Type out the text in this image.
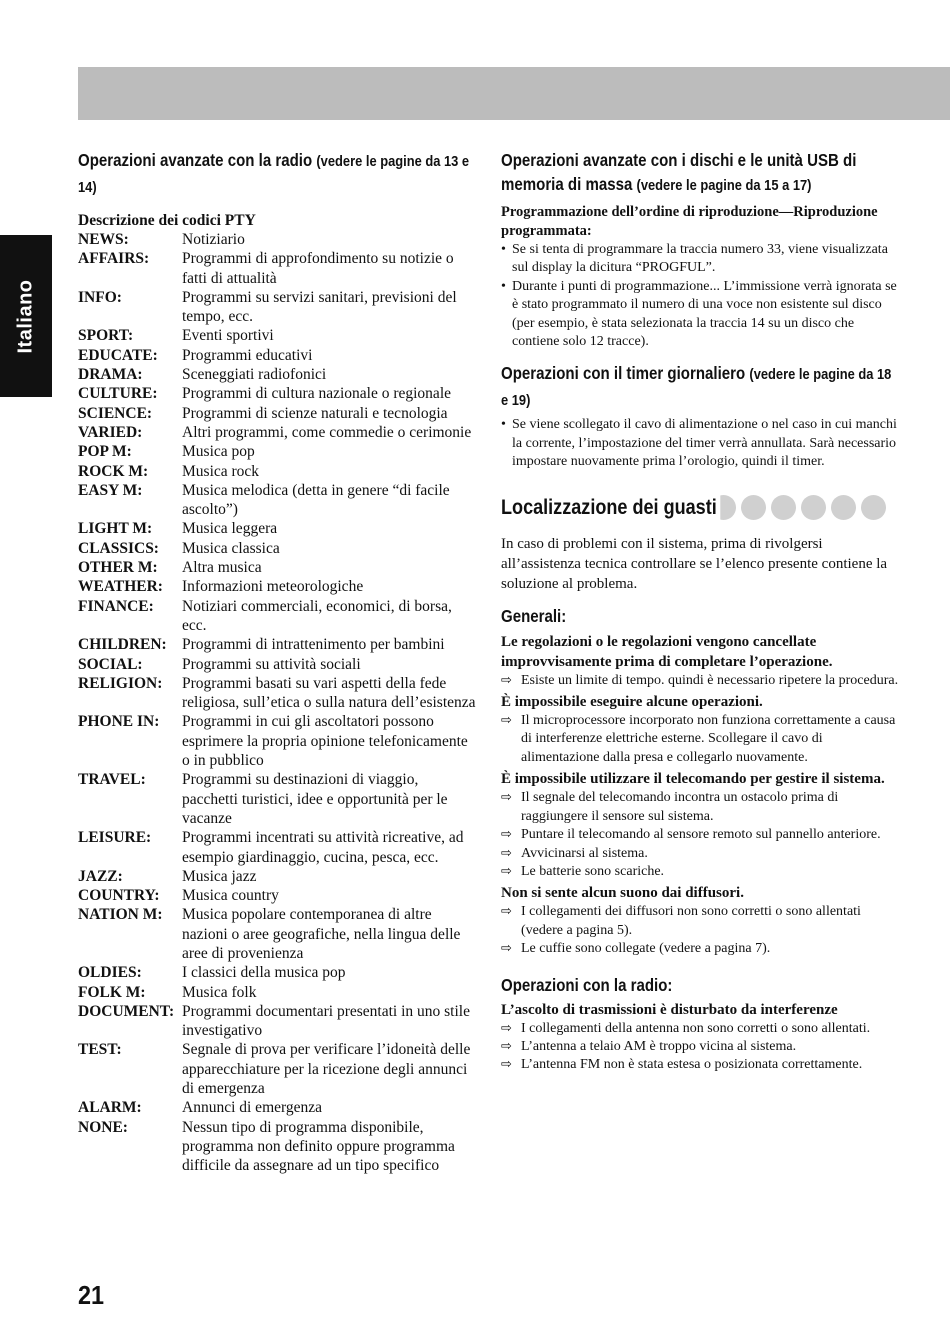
Italiano
Operazioni avanzate con la radio (vedere le pagine da 13 e 14)
Descrizione dei codici PTY
NEWS:	Notiziario
AFFAIRS:	Programmi di approfondimento su notizie o fatti di attualità
INFO:	Programmi su servizi sanitari, previsioni del tempo, ecc.
SPORT:	Eventi sportivi
EDUCATE:	Programmi educativi
DRAMA:	Sceneggiati radiofonici
CULTURE:	Programmi di cultura nazionale o regionale
SCIENCE:	Programmi di scienze naturali e tecnologia
VARIED:	Altri programmi, come commedie o cerimonie
POP M:	Musica pop
ROCK M:	Musica rock
EASY M:	Musica melodica (detta in genere “di facile ascolto”)
LIGHT M:	Musica leggera
CLASSICS:	Musica classica
OTHER M:	Altra musica
WEATHER:	Informazioni meteorologiche
FINANCE:	Notiziari commerciali, economici, di borsa, ecc.
CHILDREN: Programmi di intrattenimento per bambini
SOCIAL:	Programmi su attività sociali
RELIGION:	Programmi basati su vari aspetti della fede religiosa, sull’etica o sulla natura dell’esistenza
PHONE IN:	Programmi in cui gli ascoltatori possono esprimere la propria opinione telefonicamente o in pubblico
TRAVEL:	Programmi su destinazioni di viaggio, pacchetti turistici, idee e opportunità per le vacanze
LEISURE:	Programmi incentrati su attività ricreative, ad esempio giardinaggio, cucina, pesca, ecc.
JAZZ:	Musica jazz
COUNTRY:	Musica country
NATION M:	Musica popolare contemporanea di altre nazioni o aree geografiche, nella lingua delle aree di provenienza
OLDIES:	I classici della musica pop
FOLK M:	Musica folk
DOCUMENT: Programmi documentari presentati in uno stile investigativo
TEST:	Segnale di prova per verificare l’idoneità delle apparecchiature per la ricezione degli annunci di emergenza
ALARM:	Annunci di emergenza
NONE:	Nessun tipo di programma disponibile, programma non definito oppure programma difficile da assegnare ad un tipo specifico
Operazioni avanzate con i dischi e le unità USB di memoria di massa (vedere le pagine da 15 a 17)
Programmazione dell’ordine di riproduzione—Riproduzione programmata:
• Se si tenta di programmare la traccia numero 33, viene visualizzata sul display la dicitura “PROGFUL”.
• Durante i punti di programmazione... L’immissione verrà ignorata se è stato programmato il numero di una voce non esistente sul disco (per esempio, è stata selezionata la traccia 14 su un disco che contiene solo 12 tracce).
Operazioni con il timer giornaliero (vedere le pagine da 18 e 19)
• Se viene scollegato il cavo di alimentazione o nel caso in cui manchi la corrente, l’impostazione del timer verrà annullata. Sarà necessario impostare nuovamente prima l’orologio, quindi il timer.
Localizzazione dei guasti
In caso di problemi con il sistema, prima di rivolgersi all’assistenza tecnica controllare se l’elenco presente contiene la soluzione al problema.
Generali:
Le regolazioni o le regolazioni vengono cancellate improvvisamente prima di completare l’operazione.
⇨ Esiste un limite di tempo. quindi è necessario ripetere la procedura.
È impossibile eseguire alcune operazioni.
⇨ Il microprocessore incorporato non funziona correttamente a causa di interferenze elettriche esterne. Scollegare il cavo di alimentazione dalla presa e collegarlo nuovamente.
È impossibile utilizzare il telecomando per gestire il sistema.
⇨ Il segnale del telecomando incontra un ostacolo prima di raggiungere il sensore sul sistema.
⇨ Puntare il telecomando al sensore remoto sul pannello anteriore.
⇨ Avvicinarsi al sistema.
⇨ Le batterie sono scariche.
Non si sente alcun suono dai diffusori.
⇨ I collegamenti dei diffusori non sono corretti o sono allentati (vedere a pagina 5).
⇨ Le cuffie sono collegate (vedere a pagina 7).
Operazioni con la radio:
L’ascolto di trasmissioni è disturbato da interferenze
⇨ I collegamenti della antenna non sono corretti o sono allentati.
⇨ L’antenna a telaio AM è troppo vicina al sistema.
⇨ L’antenna FM non è stata estesa o posizionata correttamente.
21
